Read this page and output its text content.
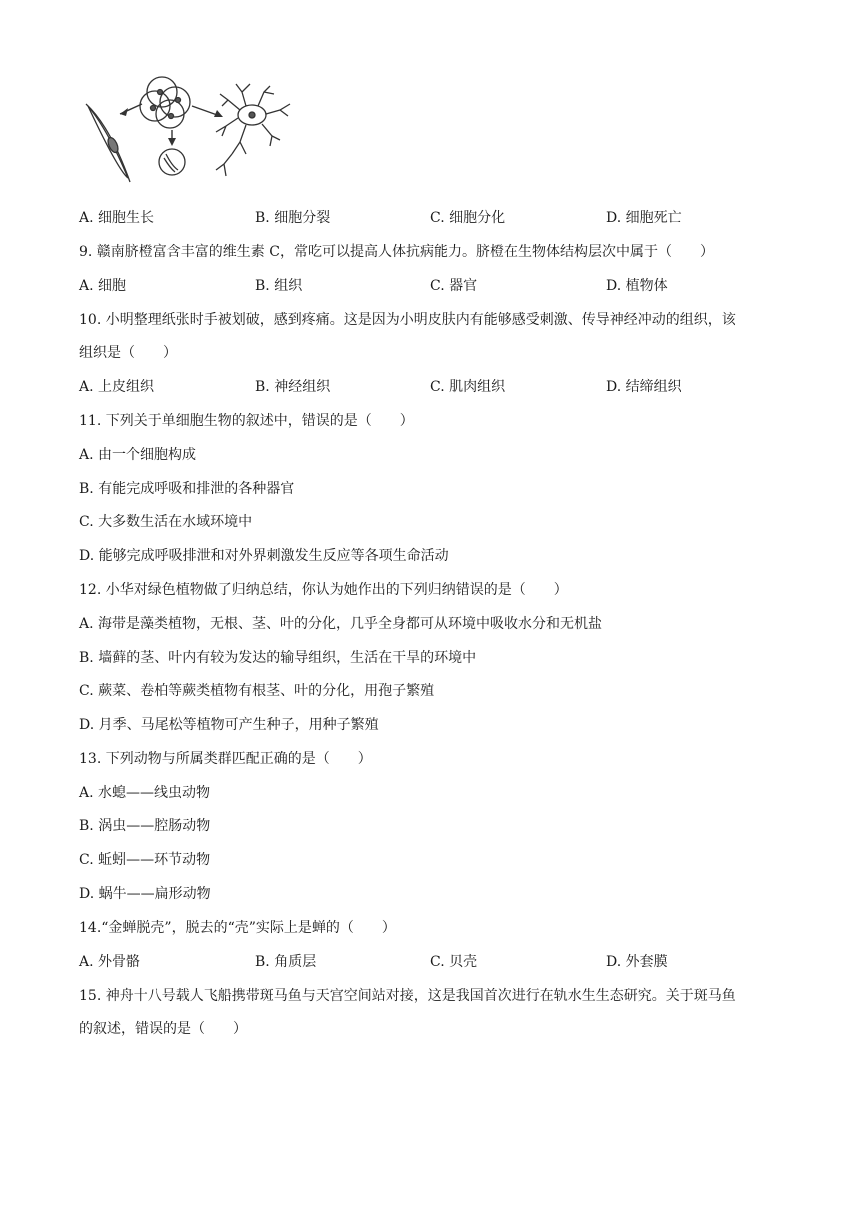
A. 细胞生长	B. 细胞分裂	C. 细胞分化	D. 细胞死亡
9. 赣南脐橙富含丰富的维生素 C，常吃可以提高人体抗病能力。脐橙在生物体结构层次中属于（　　）
A. 细胞	B. 组织	C. 器官	D. 植物体
10. 小明整理纸张时手被划破，感到疼痛。这是因为小明皮肤内有能够感受刺激、传导神经冲动的组织，该
组织是（　　）
A. 上皮组织	B. 神经组织	C. 肌肉组织	D. 结缔组织
11. 下列关于单细胞生物的叙述中，错误的是（　　）
A. 由一个细胞构成
B. 有能完成呼吸和排泄的各种器官
C. 大多数生活在水域环境中
D. 能够完成呼吸排泄和对外界刺激发生反应等各项生命活动
12. 小华对绿色植物做了归纳总结，你认为她作出的下列归纳错误的是（　　）
A. 海带是藻类植物，无根、茎、叶的分化，几乎全身都可从环境中吸收水分和无机盐
B. 墙藓的茎、叶内有较为发达的输导组织，生活在干旱的环境中
C. 蕨菜、卷柏等蕨类植物有根茎、叶的分化，用孢子繁殖
D. 月季、马尾松等植物可产生种子，用种子繁殖
13. 下列动物与所属类群匹配正确的是（　　）
A. 水螅——线虫动物
B. 涡虫——腔肠动物
C. 蚯蚓——环节动物
D. 蜗牛——扁形动物
14.“金蝉脱壳”，脱去的“壳”实际上是蝉的（　　）
A. 外骨骼	B. 角质层	C. 贝壳	D. 外套膜
15. 神舟十八号载人飞船携带斑马鱼与天宫空间站对接，这是我国首次进行在轨水生生态研究。关于斑马鱼
的叙述，错误的是（　　）
